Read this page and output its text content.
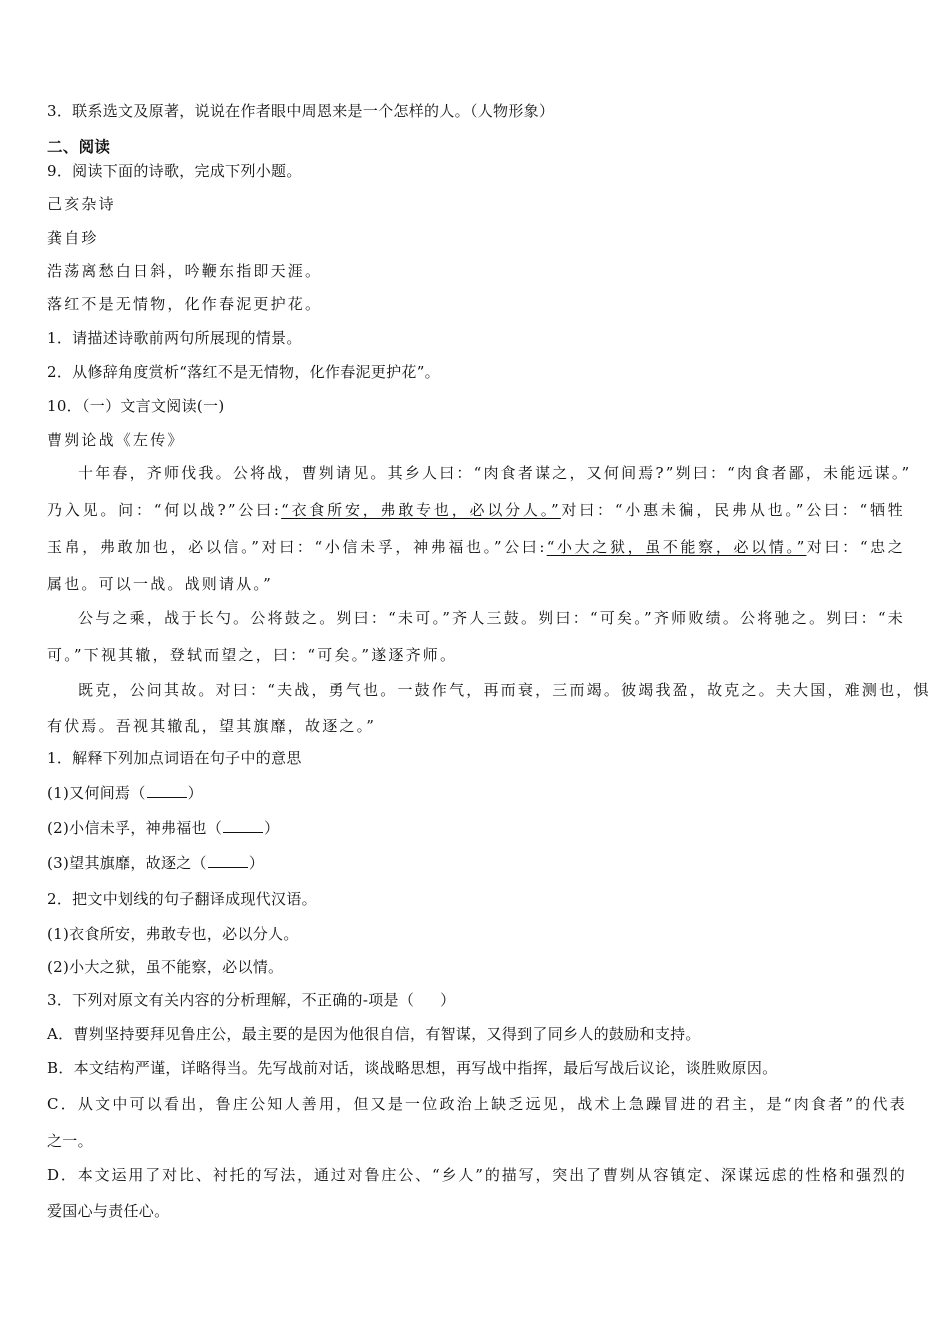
3．联系选文及原著，说说在作者眼中周恩来是一个怎样的人。（人物形象）
二、阅读
9．阅读下面的诗歌，完成下列小题。
己亥杂诗
龚自珍
浩荡离愁白日斜，吟鞭东指即天涯。
落红不是无情物，化作春泥更护花。
1．请描述诗歌前两句所展现的情景。
2．从修辞角度赏析“落红不是无情物，化作春泥更护花”。
10．（一）文言文阅读(一)
曹刿论战《左传》
十年春，齐师伐我。公将战，曹刿请见。其乡人曰：“肉食者谋之，又何间焉?”刿曰：“肉食者鄙，未能远谋。”
乃入见。问：“何以战?”公曰:“衣食所安，弗敢专也，必以分人。”对曰：“小惠未徧，民弗从也。”公曰：“牺牲
玉帛，弗敢加也，必以信。”对曰：“小信未孚，神弗福也。”公曰:“小大之狱，虽不能察，必以情。”对曰：“忠之
属也。可以一战。战则请从。”
公与之乘，战于长勺。公将鼓之。刿曰：“未可。”齐人三鼓。刿曰：“可矣。”齐师败绩。公将驰之。刿曰：“未
可。”下视其辙，登轼而望之，曰：“可矣。”遂逐齐师。
既克，公问其故。对曰：“夫战，勇气也。一鼓作气，再而衰，三而竭。彼竭我盈，故克之。夫大国，难测也，惧
有伏焉。吾视其辙乱，望其旗靡，故逐之。”
1．解释下列加点词语在句子中的意思
(1)又何间焉（	）
(2)小信未孚，神弗福也（	）
(3)望其旗靡，故逐之（	）
2．把文中划线的句子翻译成现代汉语。
(1)衣食所安，弗敢专也，必以分人。
(2)小大之狱，虽不能察，必以情。
3．下列对原文有关内容的分析理解，不正确的-项是（ ）
A．曹刿坚持要拜见鲁庄公，最主要的是因为他很自信，有智谋，又得到了同乡人的鼓励和支持。
B．本文结构严谨，详略得当。先写战前对话，谈战略思想，再写战中指挥，最后写战后议论，谈胜败原因。
C．从文中可以看出，鲁庄公知人善用，但又是一位政治上缺乏远见，战术上急躁冒进的君主，是“肉食者”的代表
之一。
D．本文运用了对比、衬托的写法，通过对鲁庄公、“乡人”的描写，突出了曹刿从容镇定、深谋远虑的性格和强烈的
爱国心与责任心。
